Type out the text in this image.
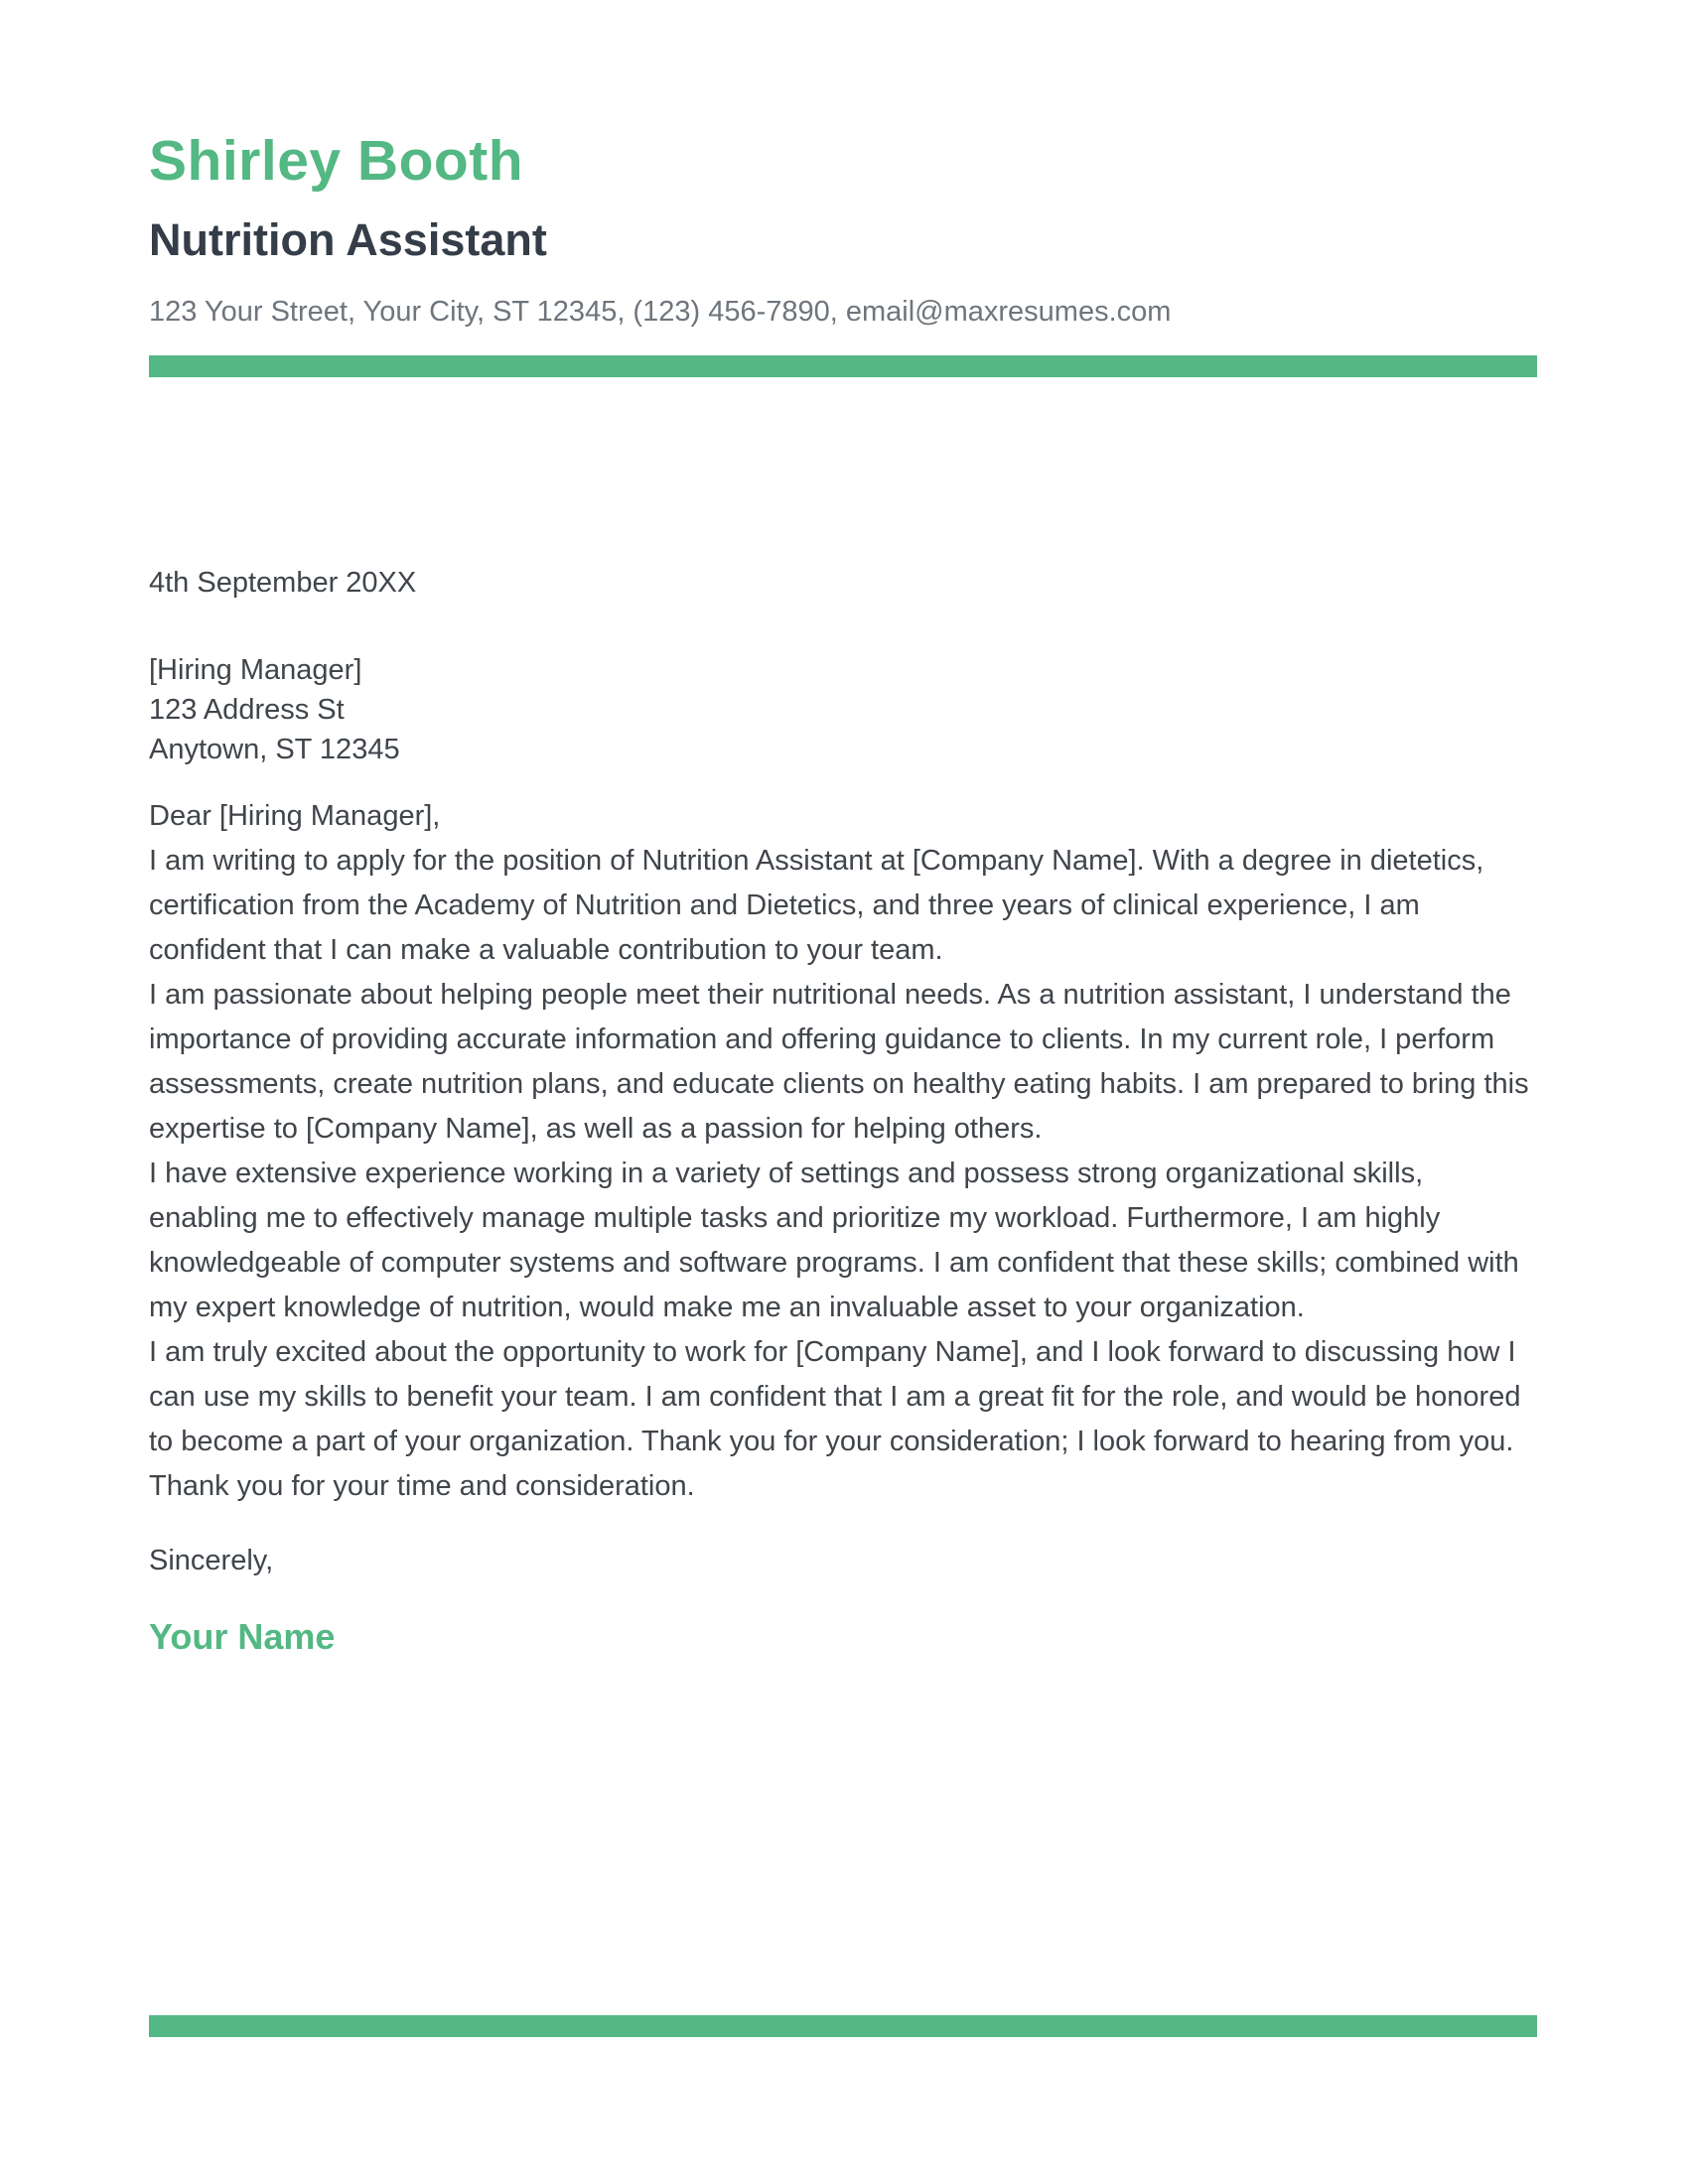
Shirley Booth
Nutrition Assistant
123 Your Street, Your City, ST 12345, (123) 456-7890, email@maxresumes.com
4th September 20XX
[Hiring Manager]
123 Address St
Anytown, ST 12345
Dear [Hiring Manager],

I am writing to apply for the position of Nutrition Assistant at [Company Name]. With a degree in dietetics, certification from the Academy of Nutrition and Dietetics, and three years of clinical experience, I am confident that I can make a valuable contribution to your team.

I am passionate about helping people meet their nutritional needs. As a nutrition assistant, I understand the importance of providing accurate information and offering guidance to clients. In my current role, I perform assessments, create nutrition plans, and educate clients on healthy eating habits. I am prepared to bring this expertise to [Company Name], as well as a passion for helping others.

I have extensive experience working in a variety of settings and possess strong organizational skills, enabling me to effectively manage multiple tasks and prioritize my workload. Furthermore, I am highly knowledgeable of computer systems and software programs. I am confident that these skills; combined with my expert knowledge of nutrition, would make me an invaluable asset to your organization.

I am truly excited about the opportunity to work for [Company Name], and I look forward to discussing how I can use my skills to benefit your team. I am confident that I am a great fit for the role, and would be honored to become a part of your organization. Thank you for your consideration; I look forward to hearing from you.

Thank you for your time and consideration.

Sincerely,
Your Name
